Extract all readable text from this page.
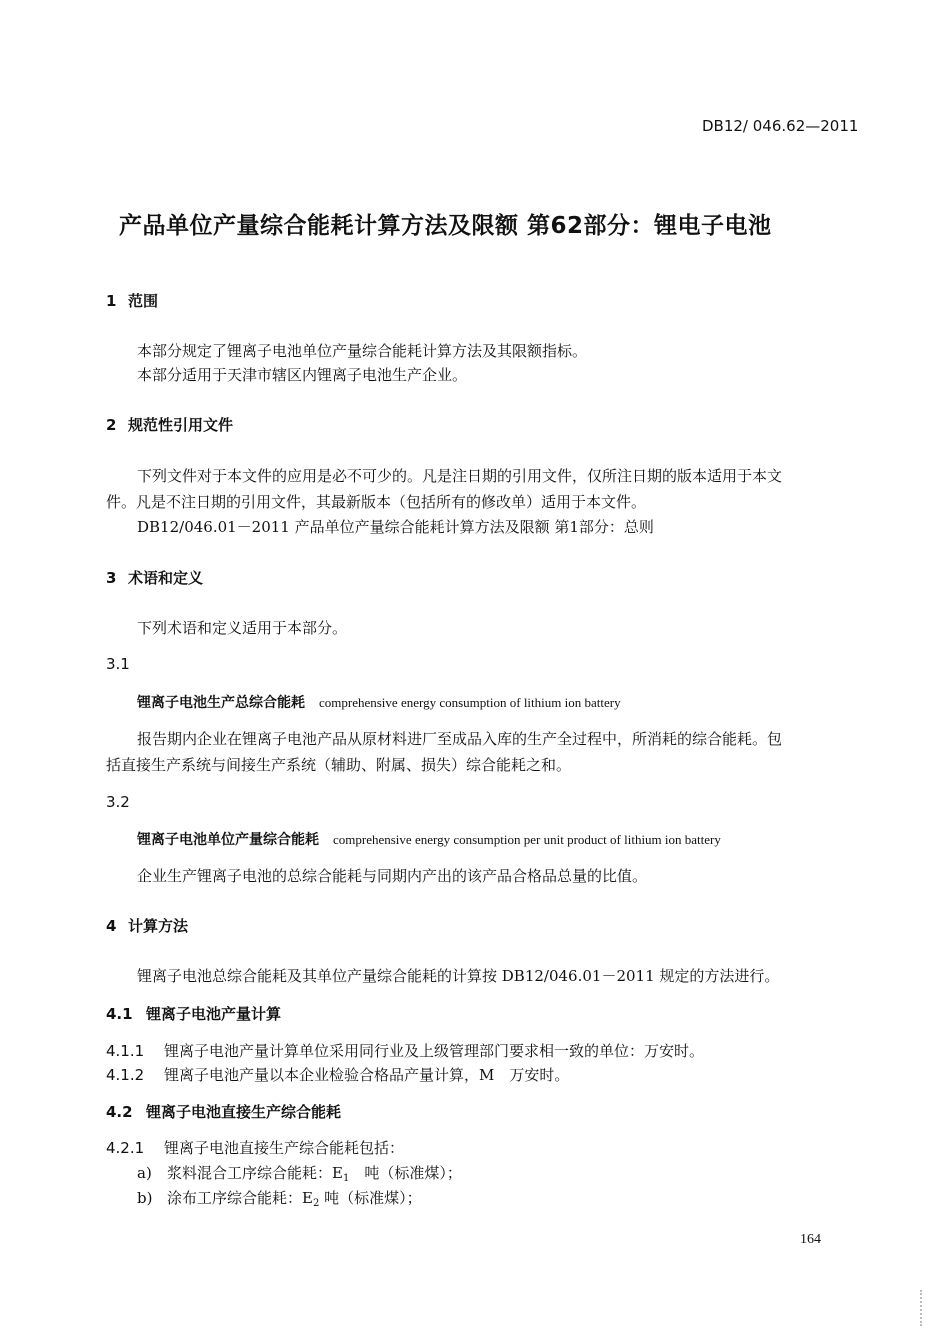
DB12/ 046.62—2011
产品单位产量综合能耗计算方法及限额 第62部分：锂电子电池
1 范围
本部分规定了锂离子电池单位产量综合能耗计算方法及其限额指标。
本部分适用于天津市辖区内锂离子电池生产企业。
2 规范性引用文件
下列文件对于本文件的应用是必不可少的。凡是注日期的引用文件，仅所注日期的版本适用于本文
件。凡是不注日期的引用文件，其最新版本（包括所有的修改单）适用于本文件。
DB12/046.01－2011 产品单位产量综合能耗计算方法及限额 第1部分：总则
3 术语和定义
下列术语和定义适用于本部分。
3.1
锂离子电池生产总综合能耗 comprehensive energy consumption of lithium ion battery
报告期内企业在锂离子电池产品从原材料进厂至成品入库的生产全过程中，所消耗的综合能耗。包
括直接生产系统与间接生产系统（辅助、附属、损失）综合能耗之和。
3.2
锂离子电池单位产量综合能耗 comprehensive energy consumption per unit product of lithium ion battery
企业生产锂离子电池的总综合能耗与同期内产出的该产品合格品总量的比值。
4 计算方法
锂离子电池总综合能耗及其单位产量综合能耗的计算按 DB12/046.01－2011 规定的方法进行。
4.1 锂离子电池产量计算
4.1.1 锂离子电池产量计算单位采用同行业及上级管理部门要求相一致的单位：万安时。
4.1.2 锂离子电池产量以本企业检验合格品产量计算，M　万安时。
4.2 锂离子电池直接生产综合能耗
4.2.1 锂离子电池直接生产综合能耗包括：
a) 浆料混合工序综合能耗：$E_1$　吨（标准煤）；
b) 涂布工序综合能耗：$E_2$ 吨（标准煤）；
164
